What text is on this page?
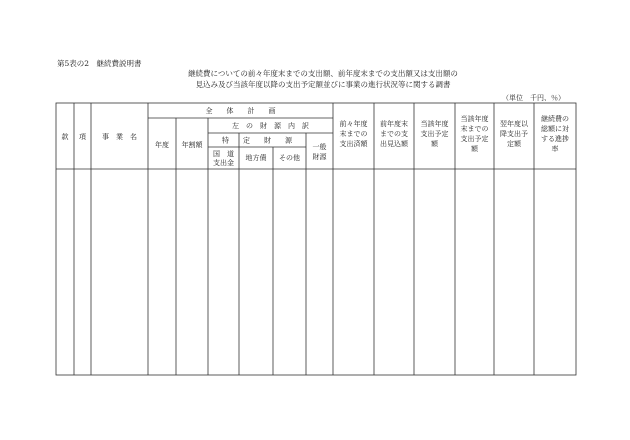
第5表の2　継続費説明書
継続費についての前々年度末までの支出額、前年度末までの支出額又は支出額の
見込み及び当該年度以降の支出予定額並びに事業の進行状況等に関する調書
（単位　千円、％）
款 項 事　業　名
全　　体　　計　　画
年度 年割額
左　の　財　源　内　訳
特　　定　　財　　源
国　道
支出金
地方債 その他
一般
財源
前々年度
末までの
支出済額
前年度末
までの支
出見込額
当該年度
支出予定
額
当該年度
末までの
支出予定
額
翌年度以
降支出予
定額
継続費の
総額に対
する進捗
率
